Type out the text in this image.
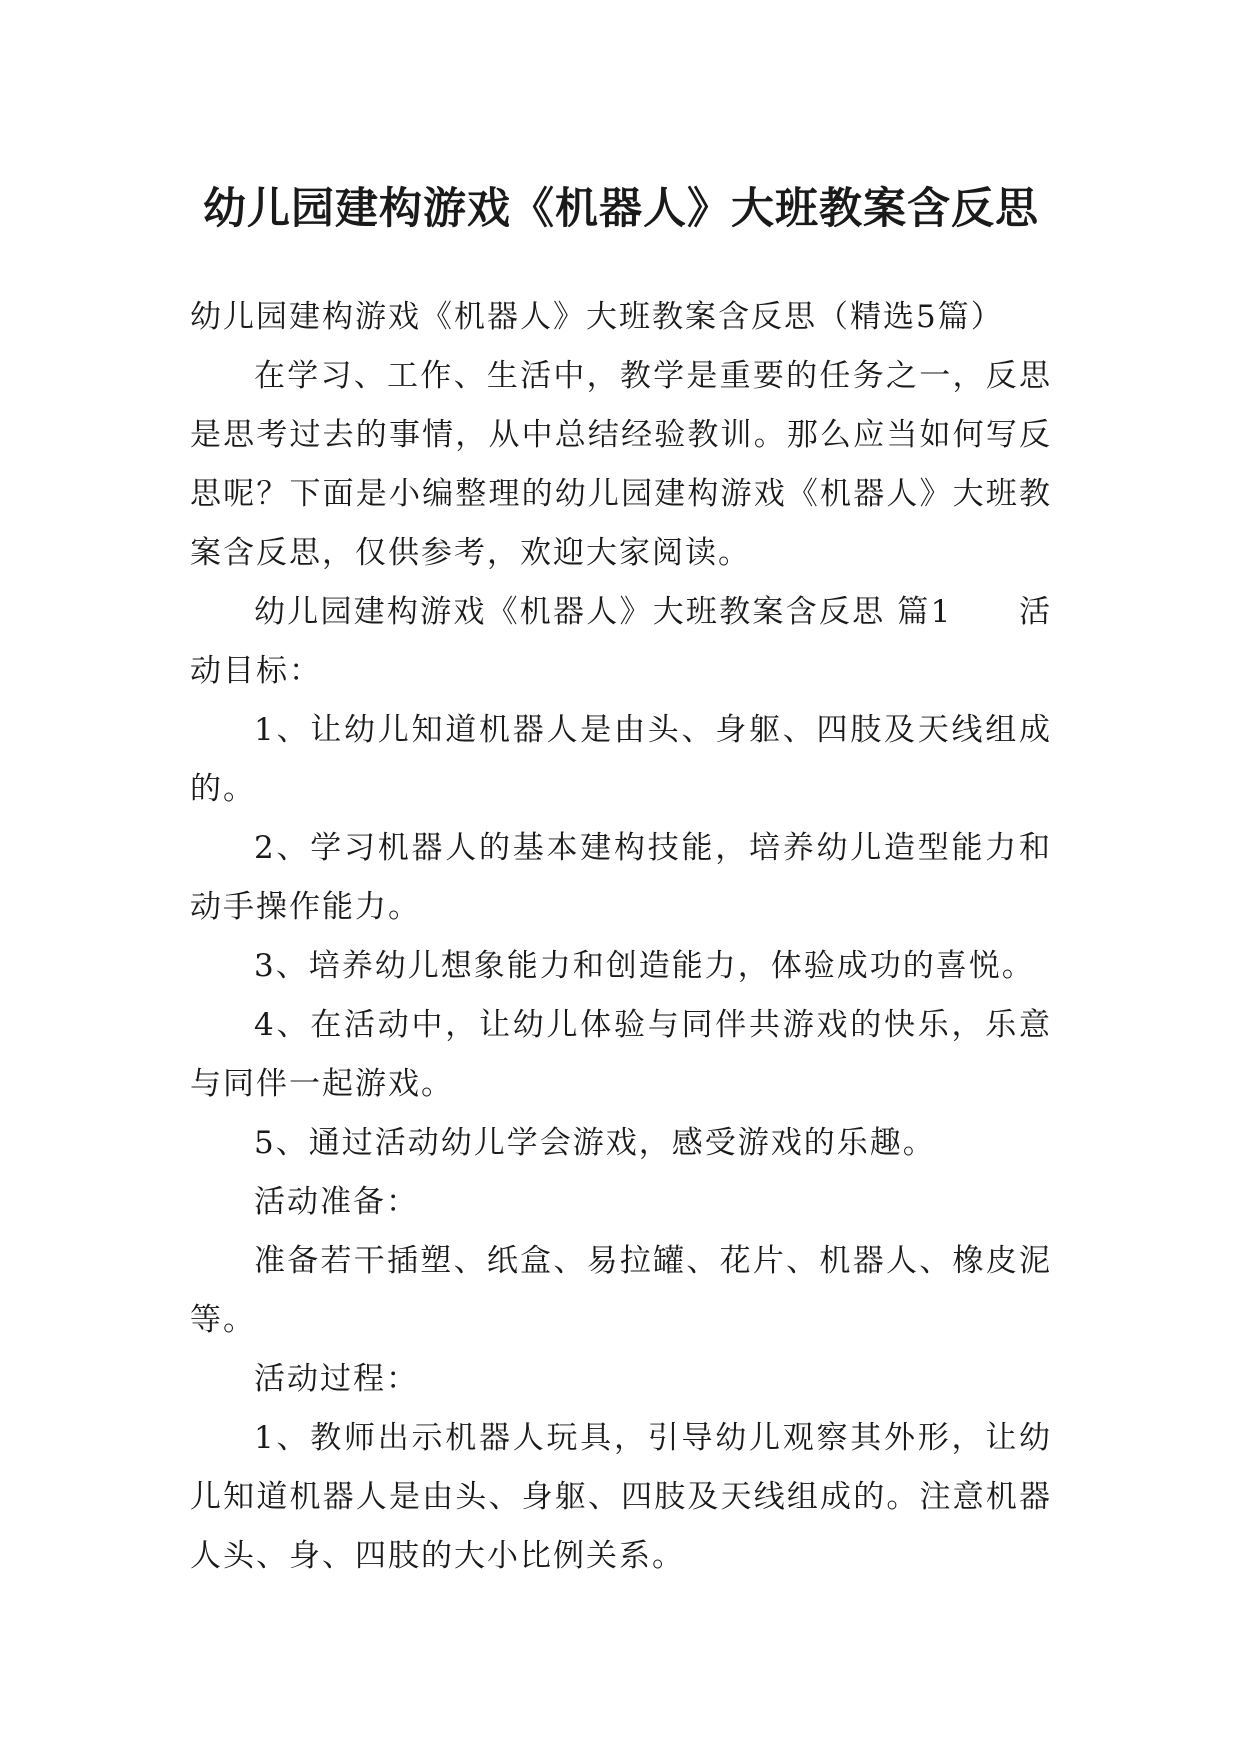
幼儿园建构游戏《机器人》大班教案含反思

幼儿园建构游戏《机器人》大班教案含反思（精选5篇）

在学习、工作、生活中，教学是重要的任务之一，反思是思考过去的事情，从中总结经验教训。那么应当如何写反思呢？下面是小编整理的幼儿园建构游戏《机器人》大班教案含反思，仅供参考，欢迎大家阅读。

幼儿园建构游戏《机器人》大班教案含反思 篇1　　活动目标：

1、让幼儿知道机器人是由头、身躯、四肢及天线组成的。

2、学习机器人的基本建构技能，培养幼儿造型能力和动手操作能力。

3、培养幼儿想象能力和创造能力，体验成功的喜悦。

4、在活动中，让幼儿体验与同伴共游戏的快乐，乐意与同伴一起游戏。

5、通过活动幼儿学会游戏，感受游戏的乐趣。

活动准备：

准备若干插塑、纸盒、易拉罐、花片、机器人、橡皮泥等。

活动过程：

1、教师出示机器人玩具，引导幼儿观察其外形，让幼儿知道机器人是由头、身躯、四肢及天线组成的。注意机器人头、身、四肢的大小比例关系。
